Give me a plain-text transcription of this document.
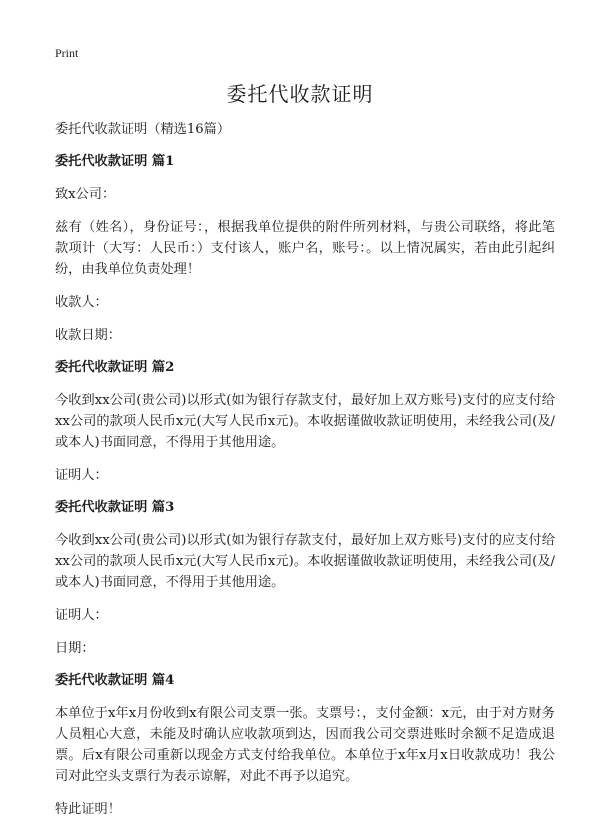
Print
委托代收款证明

委托代收款证明（精选16篇）

委托代收款证明 篇1

致x公司：

兹有（姓名），身份证号：，根据我单位提供的附件所列材料，与贵公司联络，将此笔款项计（大写：人民币：）支付该人，账户名，账号：。以上情况属实，若由此引起纠纷，由我单位负责处理！

收款人：

收款日期：

委托代收款证明 篇2

今收到xx公司(贵公司)以形式(如为银行存款支付，最好加上双方账号)支付的应支付给xx公司的款项人民币x元(大写人民币x元)。本收据谨做收款证明使用，未经我公司(及/或本人)书面同意，不得用于其他用途。

证明人：

委托代收款证明 篇3

今收到xx公司(贵公司)以形式(如为银行存款支付，最好加上双方账号)支付的应支付给xx公司的款项人民币x元(大写人民币x元)。本收据谨做收款证明使用，未经我公司(及/或本人)书面同意，不得用于其他用途。

证明人：

日期：

委托代收款证明 篇4

本单位于x年x月份收到x有限公司支票一张。支票号：，支付金额：x元，由于对方财务人员粗心大意，未能及时确认应收款项到达，因而我公司交票进账时余额不足造成退票。后x有限公司重新以现金方式支付给我单位。本单位于x年x月x日收款成功！我公司对此空头支票行为表示谅解，对此不再予以追究。

特此证明！
